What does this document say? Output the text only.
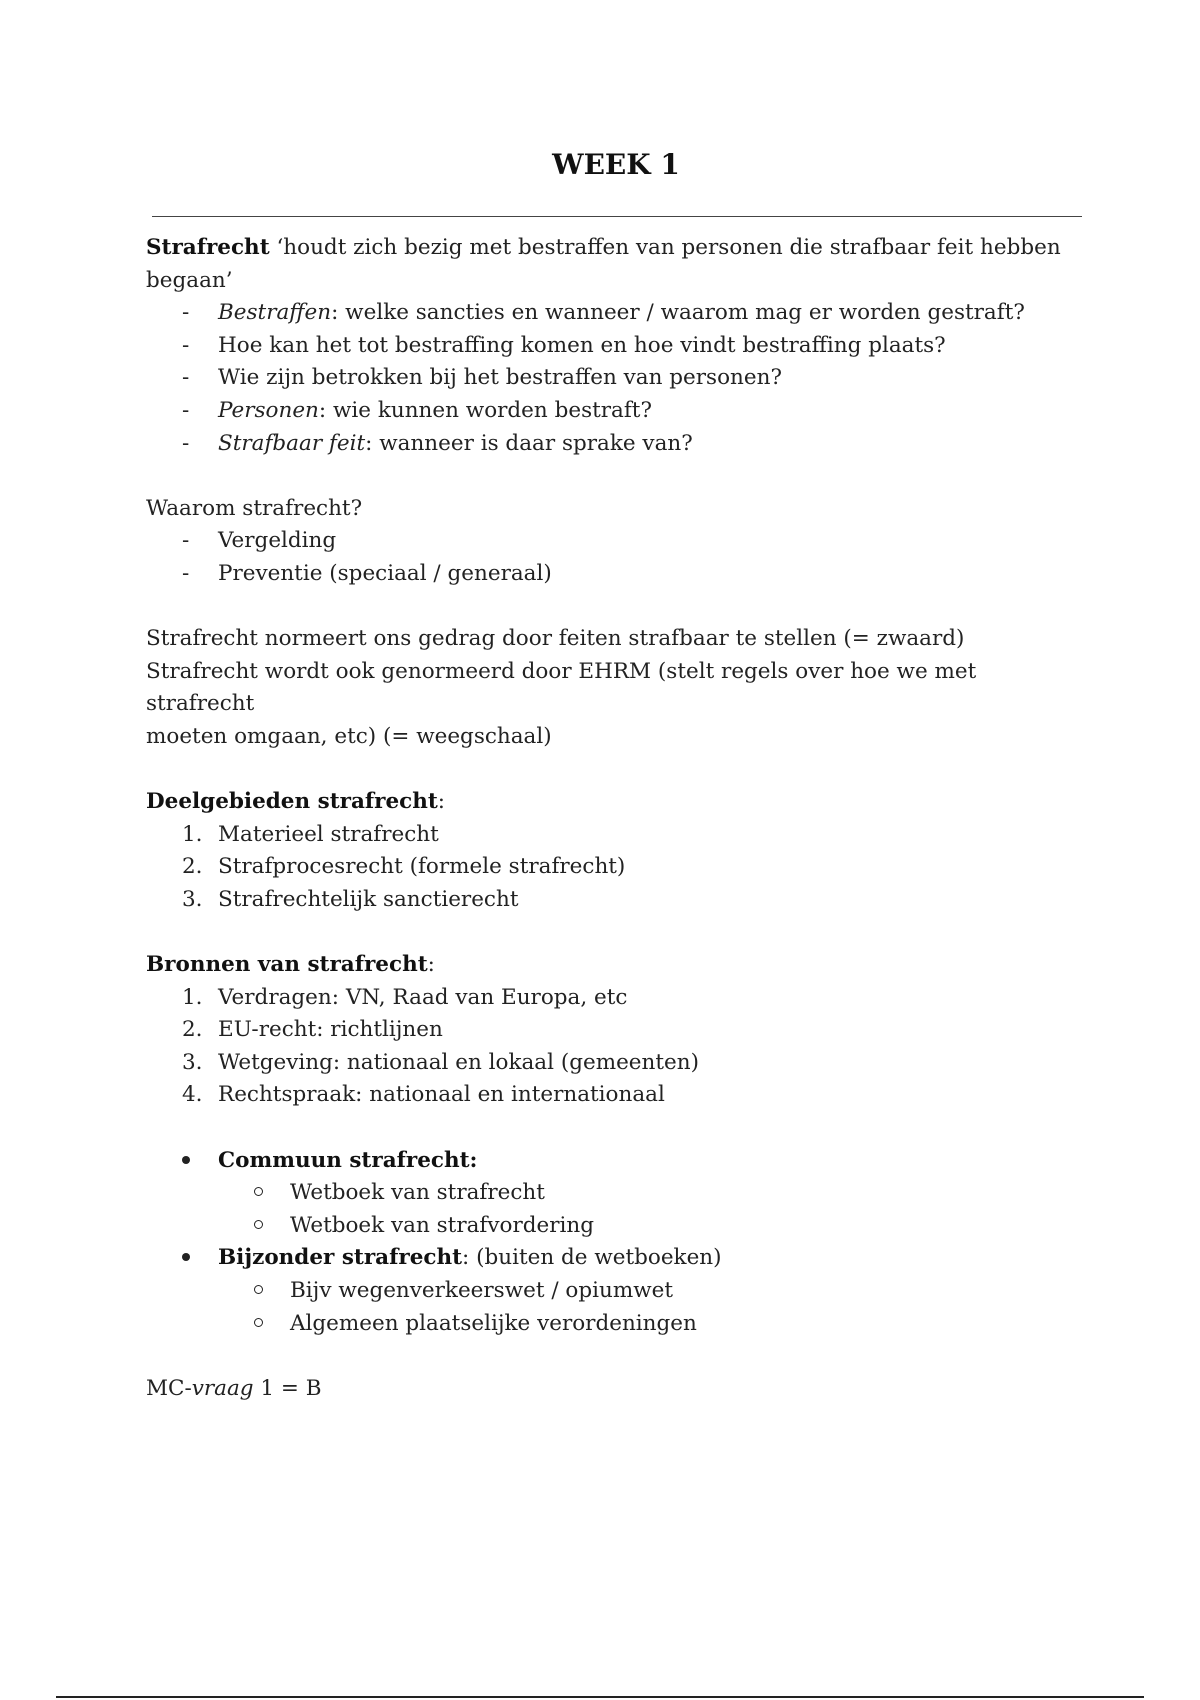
WEEK 1

Strafrecht ‘houdt zich bezig met bestraffen van personen die strafbaar feit hebben begaan’

-	Bestraffen: welke sancties en wanneer / waarom mag er worden gestraft?
-	Hoe kan het tot bestraffing komen en hoe vindt bestraffing plaats?
-	Wie zijn betrokken bij het bestraffen van personen?
-	Personen: wie kunnen worden bestraft?
-	Strafbaar feit: wanneer is daar sprake van?

Waarom strafrecht?

-	Vergelding
-	Preventie (speciaal / generaal)

Strafrecht normeert ons gedrag door feiten strafbaar te stellen (= zwaard)

Strafrecht wordt ook genormeerd door EHRM (stelt regels over hoe we met strafrecht

moeten omgaan, etc) (= weegschaal)

Deelgebieden strafrecht:

1. Materieel strafrecht
2. Strafprocesrecht (formele strafrecht)
3. Strafrechtelijk sanctierecht

Bronnen van strafrecht:

1. Verdragen: VN, Raad van Europa, etc
2. EU-recht: richtlijnen
3. Wetgeving: nationaal en lokaal (gemeenten)
4. Rechtspraak: nationaal en internationaal
Commuun strafrecht:
Wetboek van strafrecht
Wetboek van strafvordering
Bijzonder strafrecht: (buiten de wetboeken)
Bijv wegenverkeerswet / opiumwet
Algemeen plaatselijke verordeningen

MC-vraag 1 = B
